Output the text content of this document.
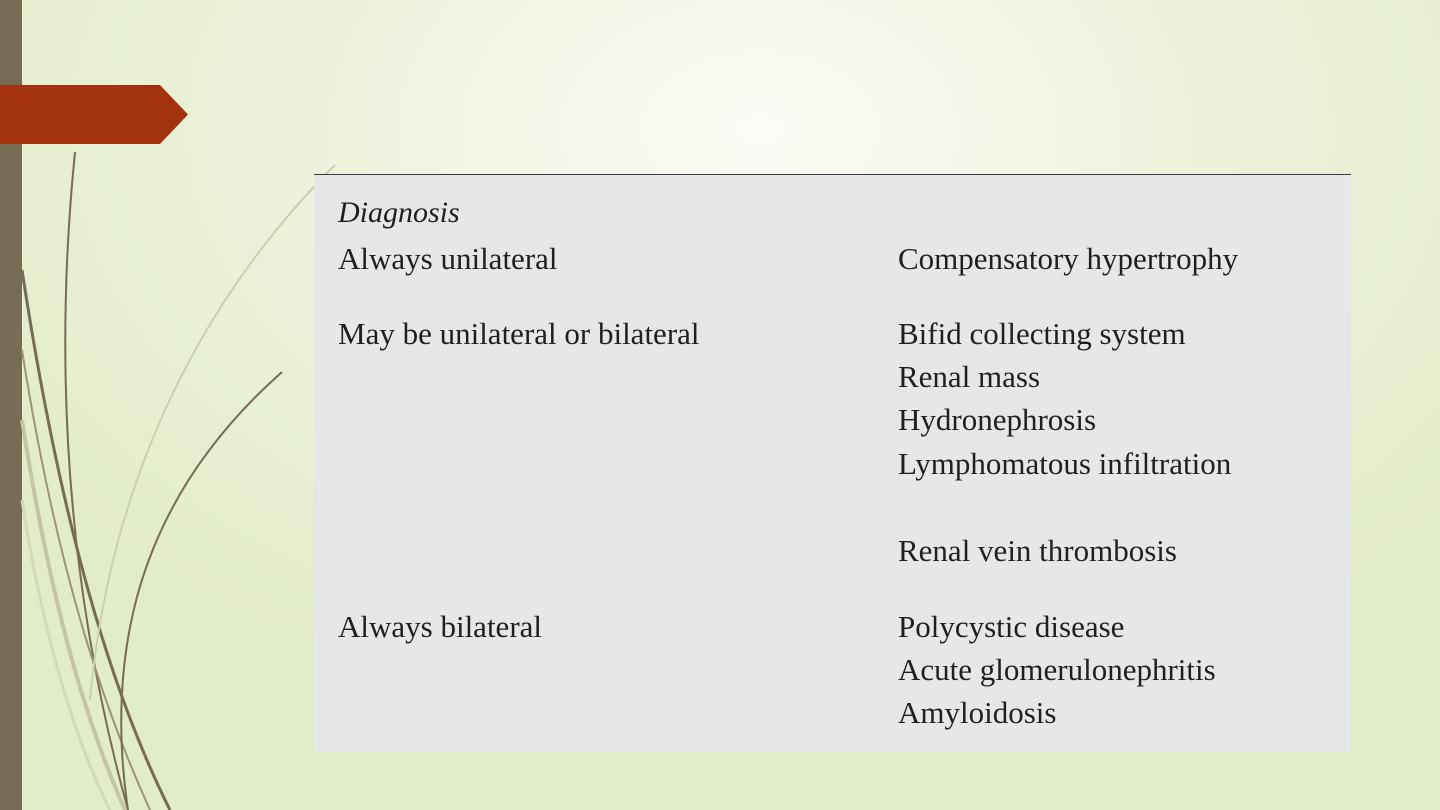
Diagnosis
Always unilateral	Compensatory hypertrophy
May be unilateral or bilateral	Bifid collecting system
Renal mass
Hydronephrosis
Lymphomatous infiltration
Renal vein thrombosis
Always bilateral	Polycystic disease
Acute glomerulonephritis
Amyloidosis
